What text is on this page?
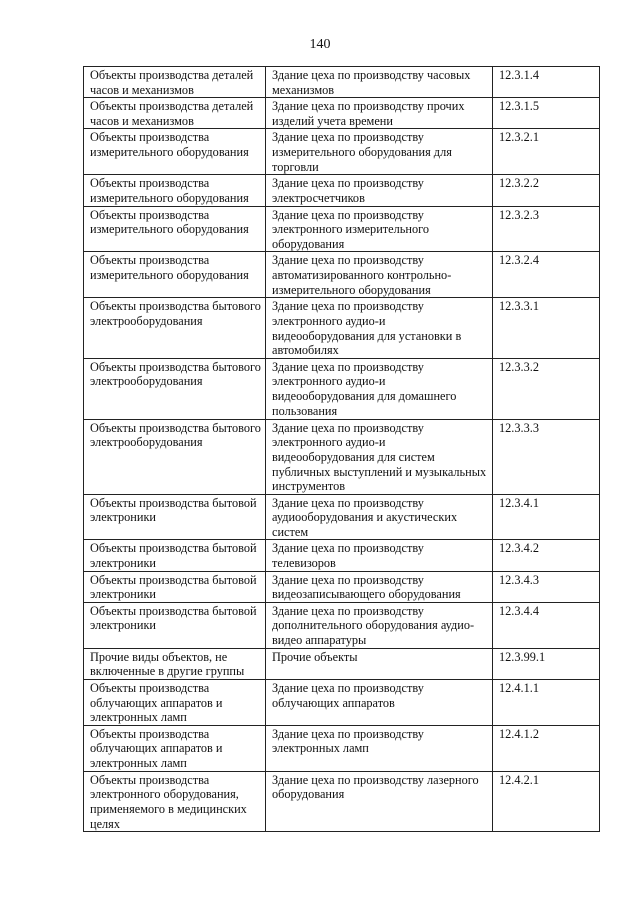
140
Объекты производства деталей часов и механизмов	Здание цеха по производству часовых механизмов	12.3.1.4
Объекты производства деталей часов и механизмов	Здание цеха по производству прочих изделий учета времени	12.3.1.5
Объекты производства измерительного оборудования	Здание цеха по производству измерительного оборудования для торговли	12.3.2.1
Объекты производства измерительного оборудования	Здание цеха по производству электросчетчиков	12.3.2.2
Объекты производства измерительного оборудования	Здание цеха по производству электронного измерительного оборудования	12.3.2.3
Объекты производства измерительного оборудования	Здание цеха по производству автоматизированного контрольно-измерительного оборудования	12.3.2.4
Объекты производства бытового электрооборудования	Здание цеха по производству электронного аудио-и видеооборудования для установки в автомобилях	12.3.3.1
Объекты производства бытового электрооборудования	Здание цеха по производству электронного аудио-и видеооборудования для домашнего пользования	12.3.3.2
Объекты производства бытового электрооборудования	Здание цеха по производству электронного аудио-и видеооборудования для систем публичных выступлений и музыкальных инструментов	12.3.3.3
Объекты производства бытовой электроники	Здание цеха по производству аудиооборудования и акустических систем	12.3.4.1
Объекты производства бытовой электроники	Здание цеха по производству телевизоров	12.3.4.2
Объекты производства бытовой электроники	Здание цеха по производству видеозаписывающего оборудования	12.3.4.3
Объекты производства бытовой электроники	Здание цеха по производству дополнительного оборудования аудио-видео аппаратуры	12.3.4.4
Прочие виды объектов, не включенные в другие группы	Прочие объекты	12.3.99.1
Объекты производства облучающих аппаратов и электронных ламп	Здание цеха по производству облучающих аппаратов	12.4.1.1
Объекты производства облучающих аппаратов и электронных ламп	Здание цеха по производству электронных ламп	12.4.1.2
Объекты производства электронного оборудования, применяемого в медицинских целях	Здание цеха по производству лазерного оборудования	12.4.2.1
